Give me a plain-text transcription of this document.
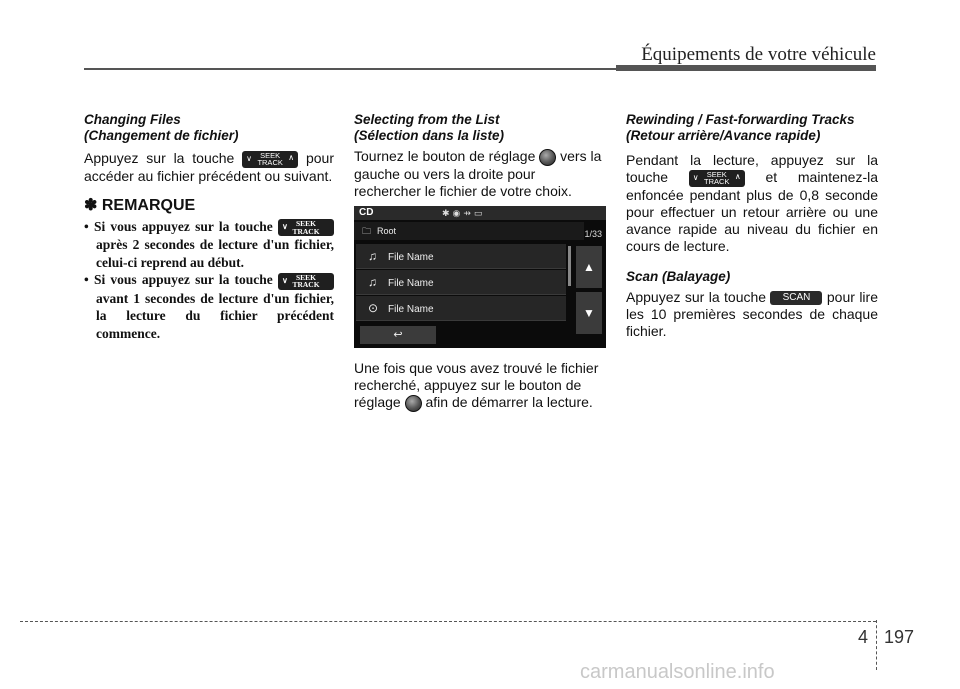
Équipements de votre véhicule
Changing Files
(Changement de fichier)

Appuyez sur la touche ∨	SEEK
TRACK
∧ pour accéder au fichier précédent ou suivant.

✽ REMARQUE
• Si vous appuyez sur la touche ∨	SEEK
TRACK
après 2 secondes de lecture d'un fichier, celui-ci reprend au début.
• Si vous appuyez sur la touche ∨	SEEK
TRACK
avant 1 secondes de lecture d'un fichier, la lecture du fichier précédent commence.
Selecting from the List
(Sélection dans la liste)

Tournez le bouton de réglage vers la gauche ou vers la droite pour rechercher le fichier de votre choix.

CD	✱◉⇸▭
🗀 Root	1/33
♫ File Name
♫ File Name
⊙ File Name
▲
▼
↩

Une fois que vous avez trouvé le fichier recherché, appuyez sur le bouton de réglage afin de démarrer la lecture.

Rewinding / Fast-forwarding Tracks
(Retour arrière/Avance rapide)

Pendant la lecture, appuyez sur la touche	∨	SEEK
TRACK
∧ et maintenez-la enfoncée pendant plus de 0,8 seconde pour effectuer un retour arrière ou une avance rapide au niveau du fichier en cours de lecture.

Scan (Balayage)

Appuyez sur la touche SCAN pour lire les 10 premières secondes de chaque fichier.

4 197
carmanualsonline.info
